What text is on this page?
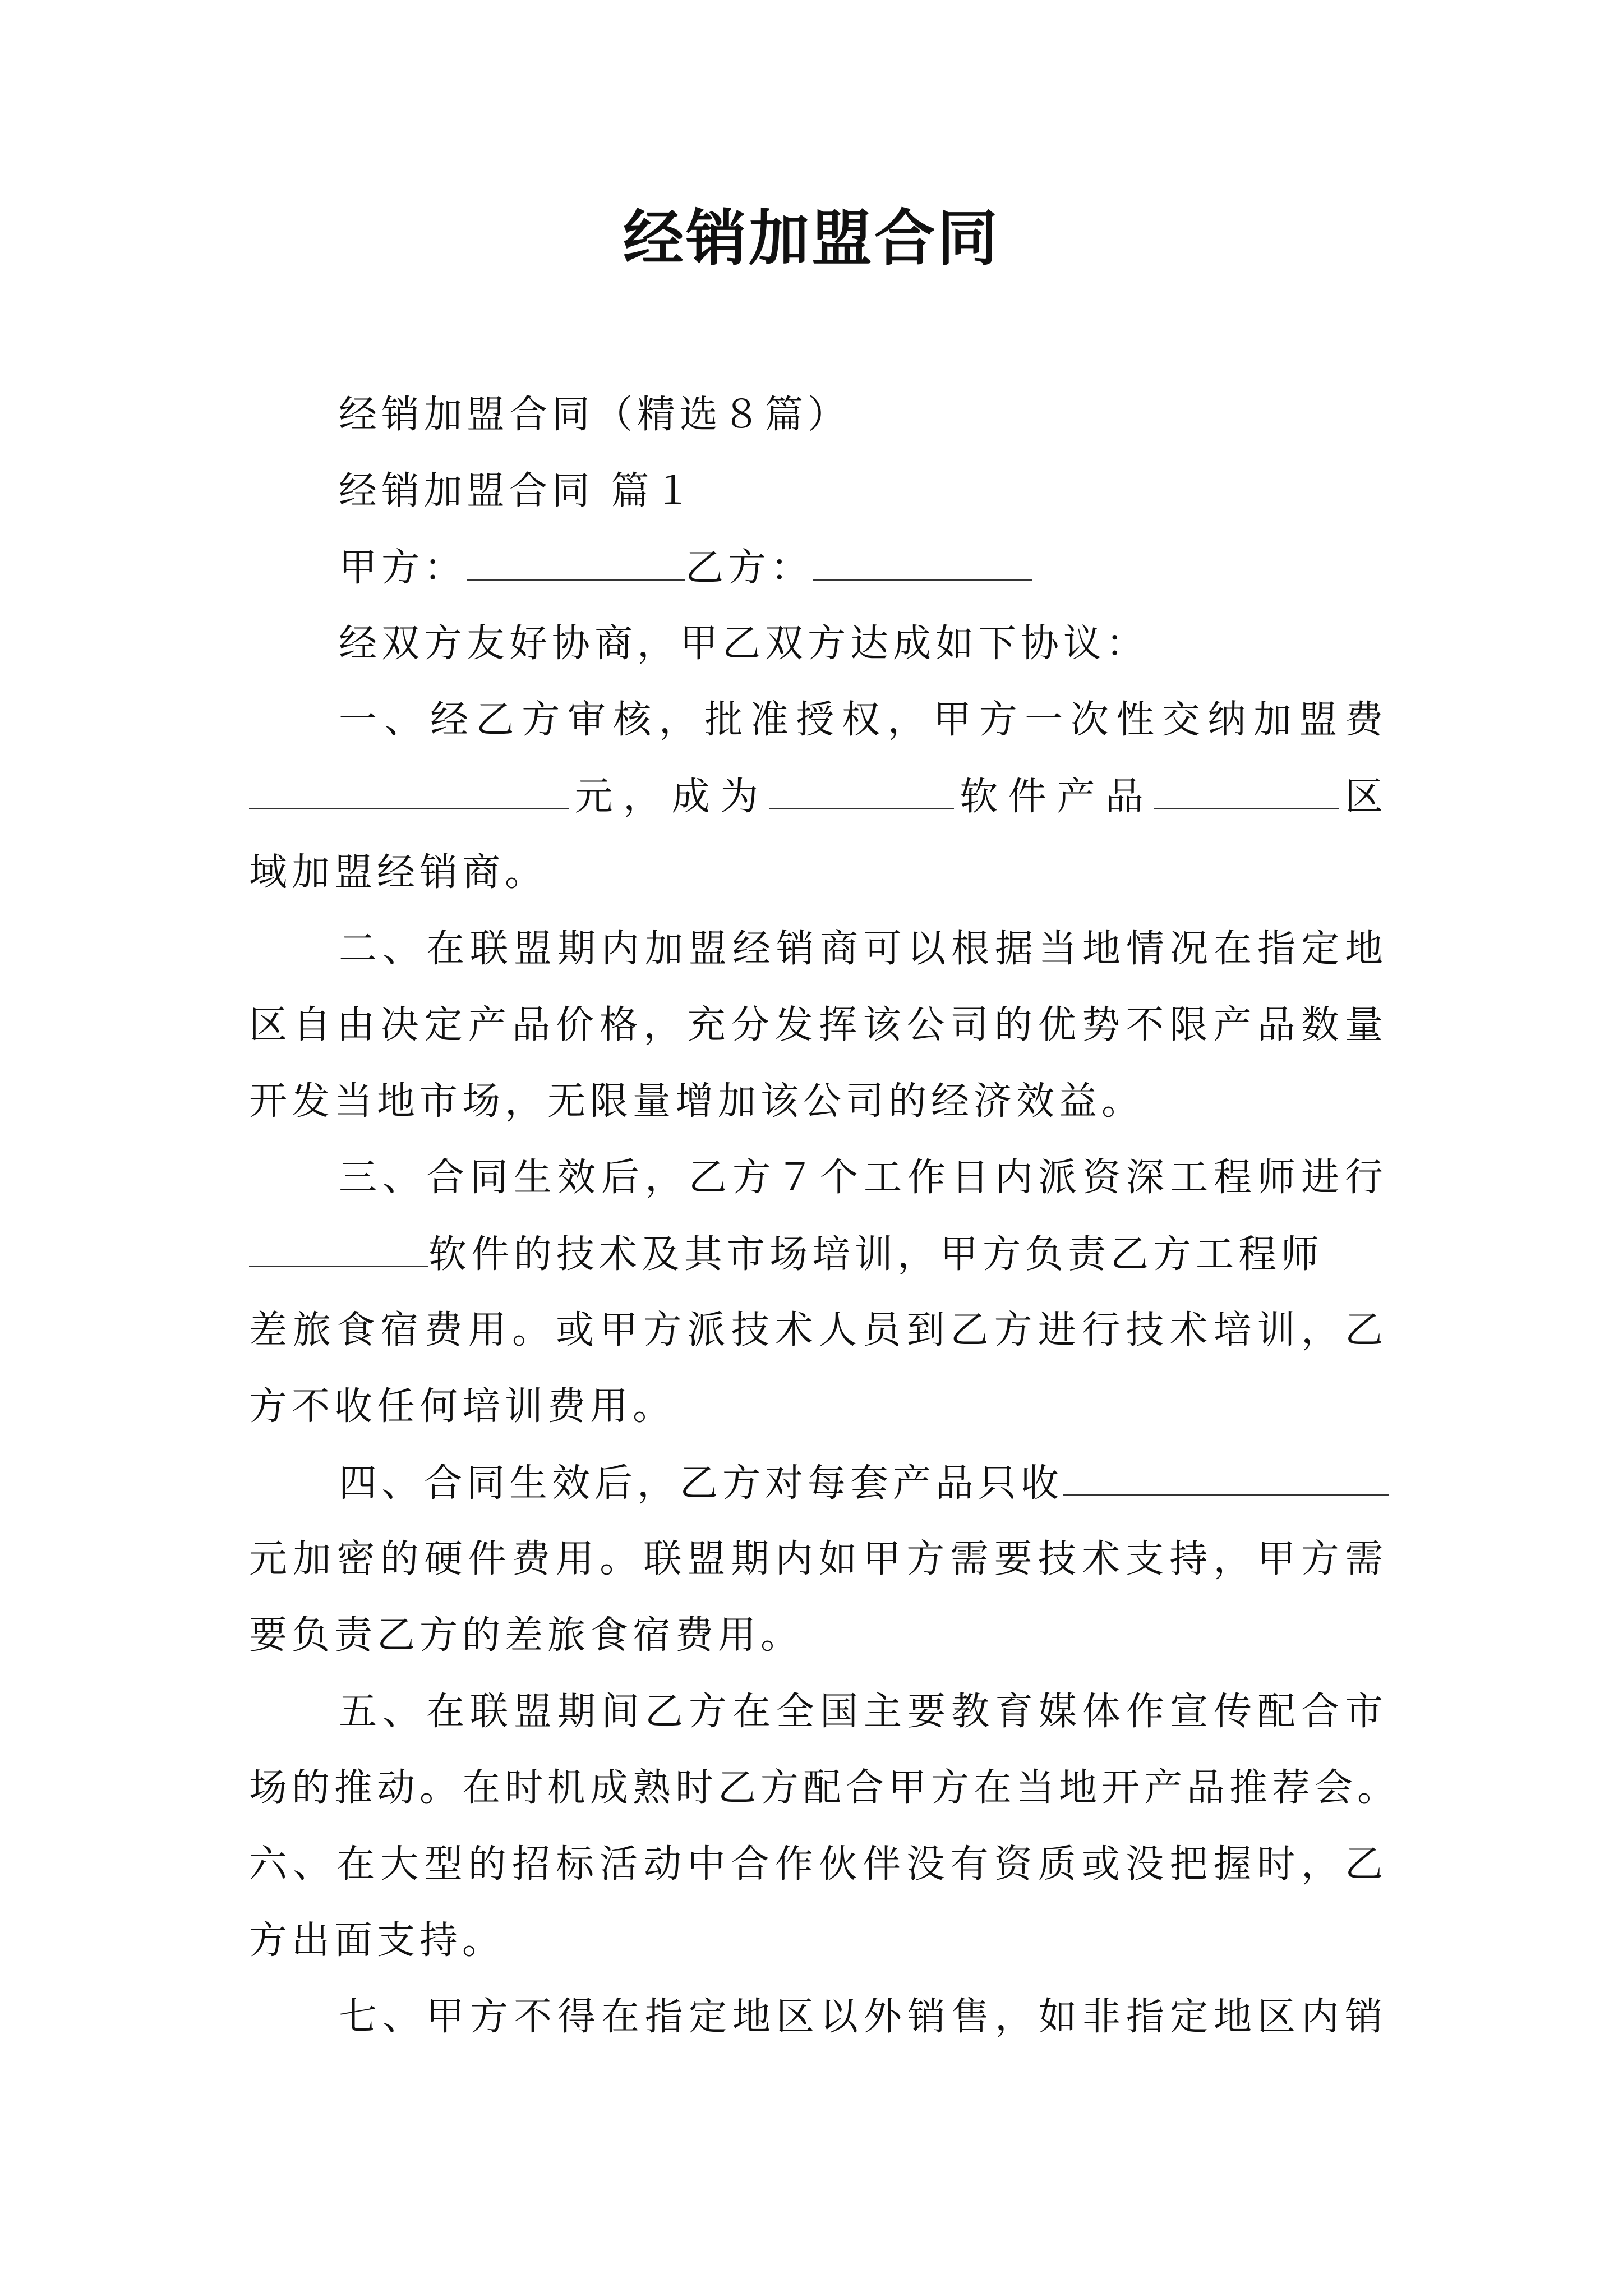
经销加盟合同
经销加盟合同（精选８篇）
经销加盟合同 篇１
甲方：	乙方：
经双方友好协商，甲乙双方达成如下协议：
一、经乙方审核，批准授权，甲方一次性交纳加盟费
元，成为	软件产品	区
域加盟经销商。
二、在联盟期内加盟经销商可以根据当地情况在指定地
区自由决定产品价格，充分发挥该公司的优势不限产品数量
开发当地市场，无限量增加该公司的经济效益。
三、合同生效后，乙方７个工作日内派资深工程师进行
软件的技术及其市场培训，甲方负责乙方工程师
差旅食宿费用。或甲方派技术人员到乙方进行技术培训，乙
方不收任何培训费用。
四、合同生效后，乙方对每套产品只收
元加密的硬件费用。联盟期内如甲方需要技术支持，甲方需
要负责乙方的差旅食宿费用。
五、在联盟期间乙方在全国主要教育媒体作宣传配合市
场的推动。在时机成熟时乙方配合甲方在当地开产品推荐会。
六、在大型的招标活动中合作伙伴没有资质或没把握时，乙
方出面支持。
七、甲方不得在指定地区以外销售，如非指定地区内销
